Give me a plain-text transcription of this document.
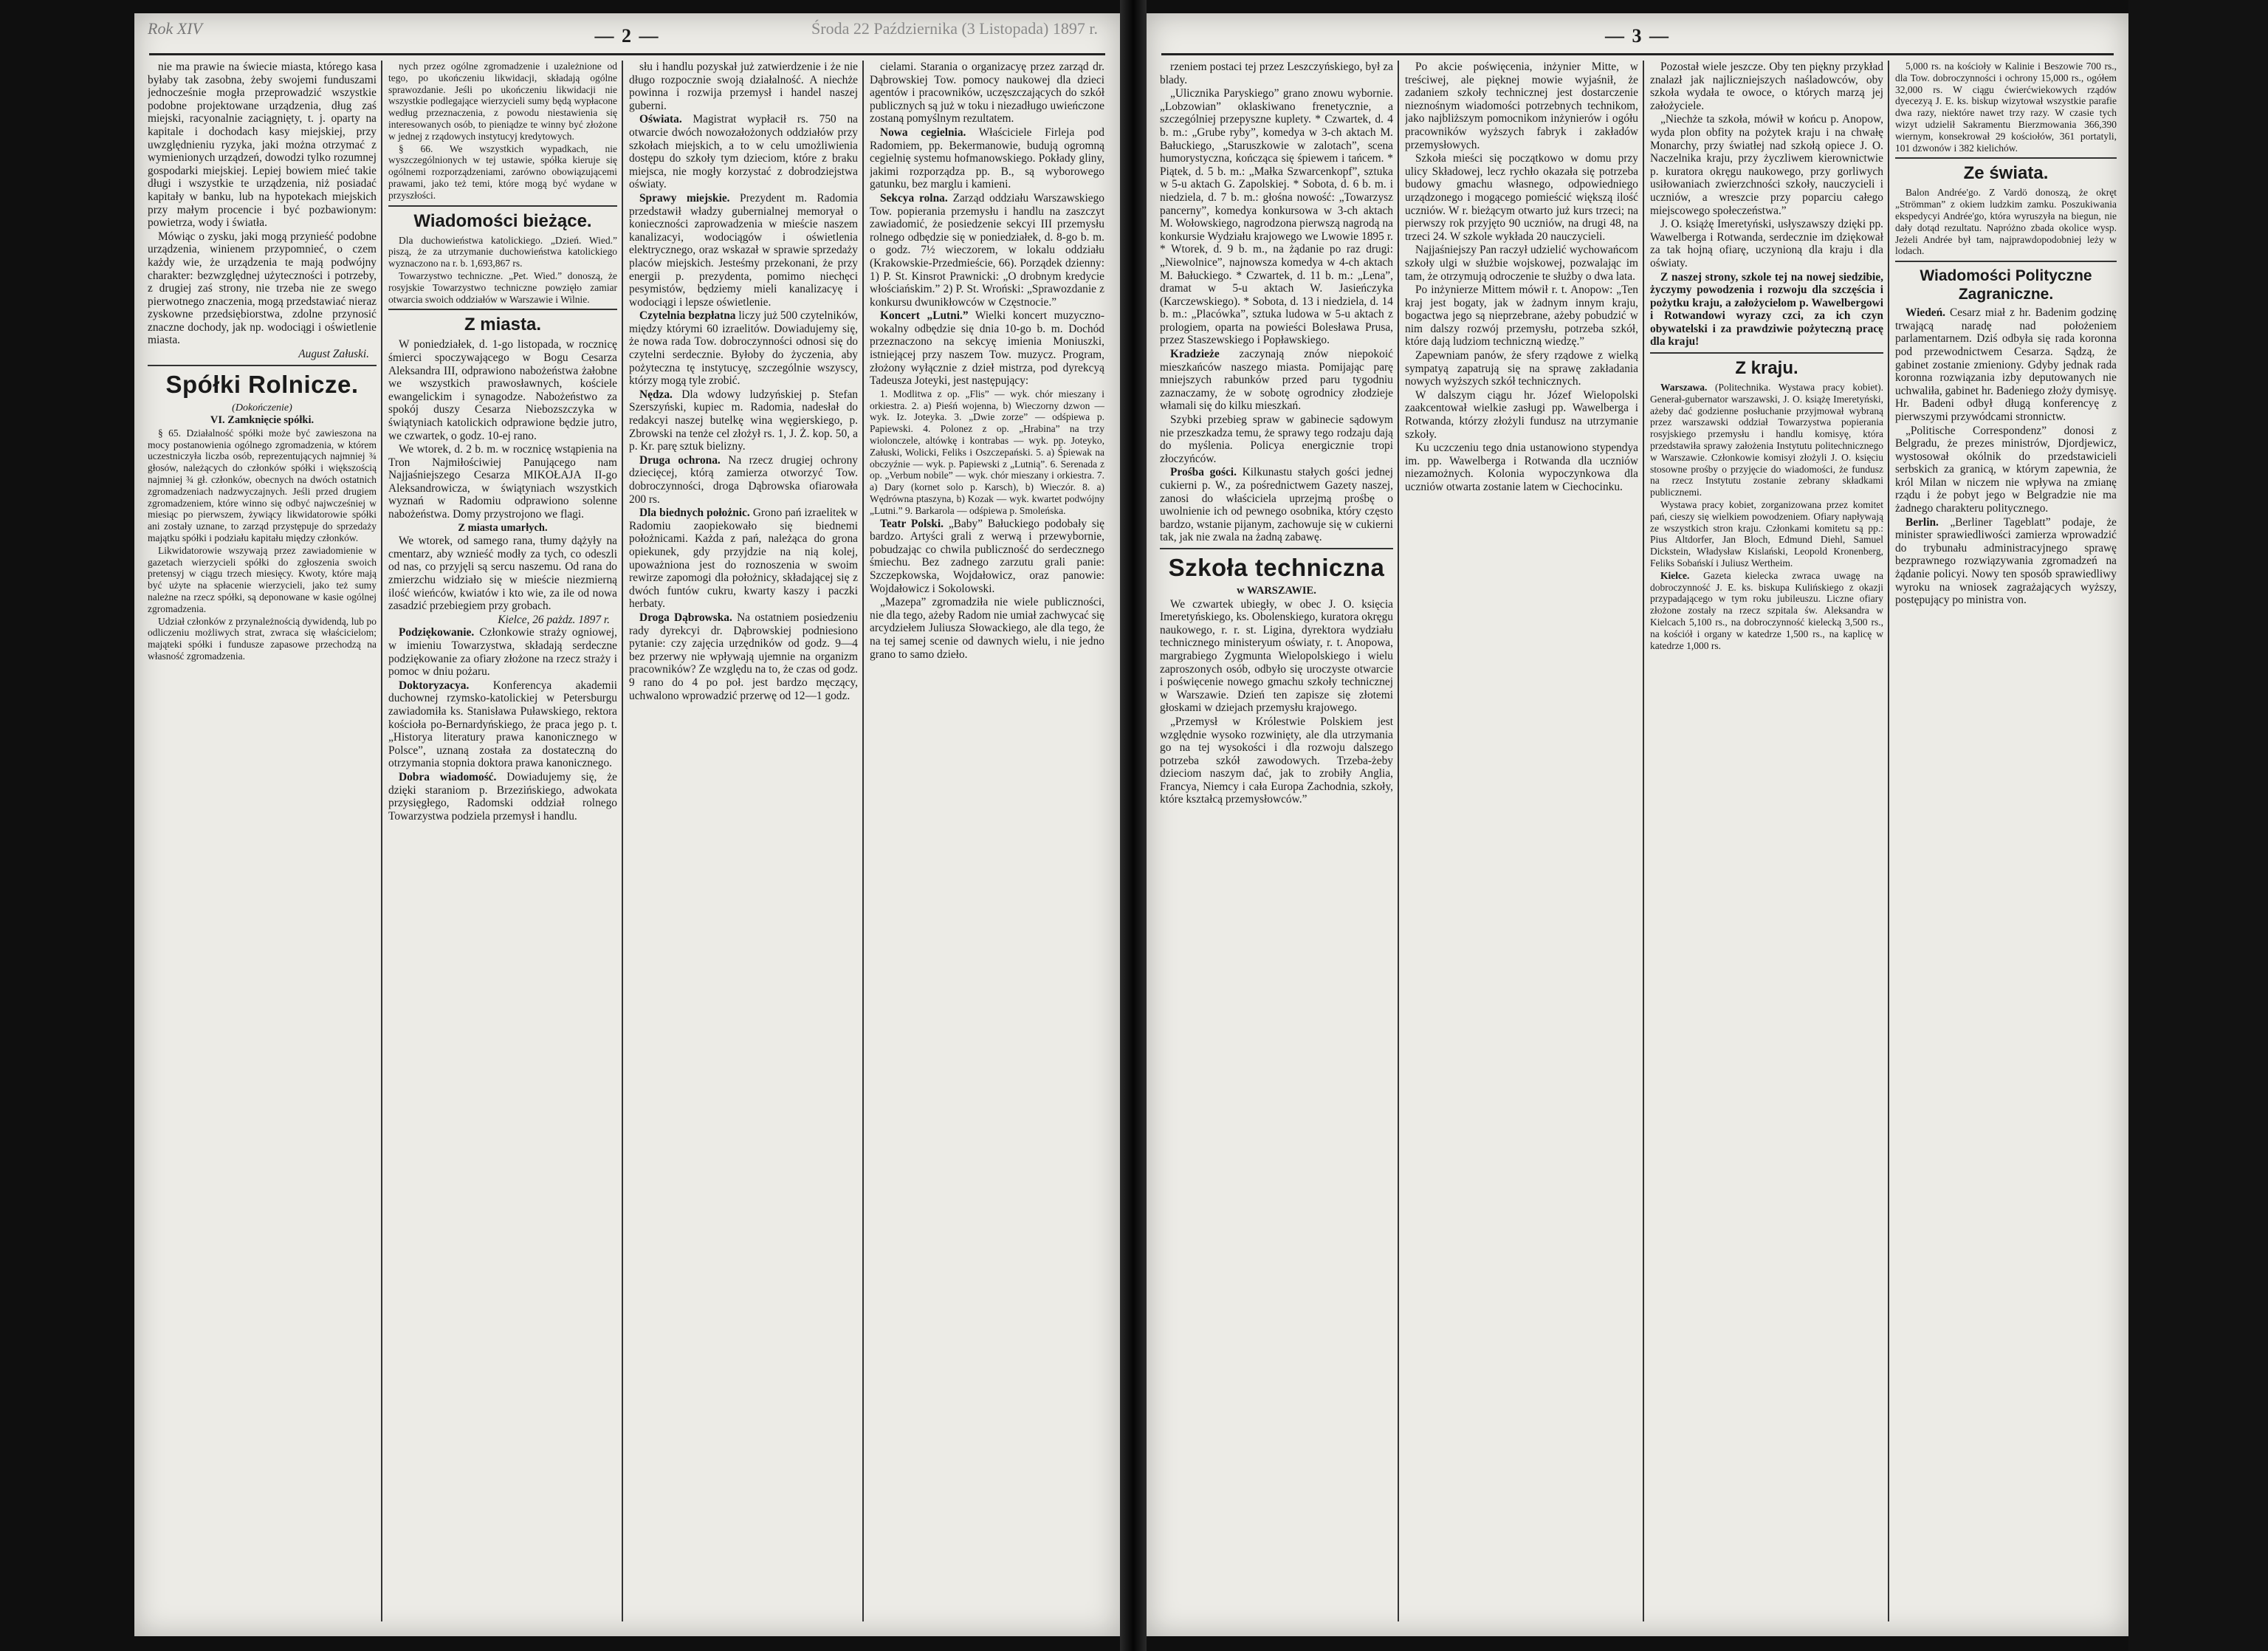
Rok XIV	— 2 —	Środa 22 Października (3 Listopada) 1897 r.

nie ma prawie na świecie miasta, którego kasa byłaby tak zasobna, żeby swojemi funduszami jednocześnie mogła przeprowadzić wszystkie podobne projektowane urządzenia, dług zaś miejski, racyonalnie zaciągnięty, t. j. oparty na kapitale i dochodach kasy miejskiej, przy uwzględnieniu ryzyka, jaki można otrzymać z wymienionych urządzeń, dowodzi tylko rozumnej gospodarki miejskiej. Lepiej bowiem mieć takie długi i wszystkie te urządzenia, niż posiadać kapitały w banku, lub na hypotekach miejskich przy małym procencie i być pozbawionym: powietrza, wody i światła.

Mówiąc o zysku, jaki mogą przynieść podobne urządzenia, winienem przypomnieć, o czem każdy wie, że urządzenia te mają podwójny charakter: bezwzględnej użyteczności i potrzeby, z drugiej zaś strony, nie trzeba nie ze swego pierwotnego znaczenia, mogą przedstawiać nieraz zyskowne przedsiębiorstwa, zdolne przynosić znaczne dochody, jak np. wodociągi i oświetlenie miasta.

August Załuski.
Spółki Rolnicze.
(Dokończenie)
VI. Zamknięcie spółki.

§ 65. Działalność spółki może być zawieszona na mocy postanowienia ogólnego zgromadzenia, w którem uczestniczyła liczba osób, reprezentujących najmniej ¾ głosów, należących do członków spółki i większością najmniej ¾ gł. członków, obecnych na dwóch ostatnich zgromadzeniach nadzwyczajnych. Jeśli przed drugiem zgromadzeniem, które winno się odbyć najwcześniej w miesiąc po pierwszem, żywiący likwidatorowie spółki ani zostały uznane, to zarząd przystępuje do sprzedaży majątku spółki i podziału kapitału między członków.

Likwidatorowie wszywają przez zawiadomienie w gazetach wierzycieli spółki do zgłoszenia swoich pretensyj w ciągu trzech miesięcy. Kwoty, które mają być użyte na spłacenie wierzycieli, jako też sumy należne na rzecz spółki, są deponowane w kasie ogólnej zgromadzenia.

Udział członków z przynależnością dywidendą, lub po odliczeniu możliwych strat, zwraca się właścicielom; mająteki spółki i fundusze zapasowe przechodzą na własność zgromadzenia.

nych przez ogólne zgromadzenie i uzależnione od tego, po ukończeniu likwidacji, składają ogólne sprawozdanie. Jeśli po ukończeniu likwidacji nie wszystkie podlegające wierzycieli sumy będą wypłacone według przeznaczenia, z powodu niestawienia się interesowanych osób, to pieniądze te winny być złożone w jednej z rządowych instytucyj kredytowych.

§ 66. We wszystkich wypadkach, nie wyszczególnionych w tej ustawie, spółka kieruje się ogólnemi rozporządzeniami, zarówno obowiązującemi prawami, jako też temi, które mogą być wydane w przyszłości.

Wiadomości bieżące.

Dla duchowieństwa katolickiego. „Dzień. Wied.” piszą, że za utrzymanie duchowieństwa katolickiego wyznaczono na r. b. 1,693,867 rs.

Towarzystwo techniczne. „Pet. Wied.” donoszą, że rosyjskie Towarzystwo techniczne powzięło zamiar otwarcia swoich oddziałów w Warszawie i Wilnie.

Z miasta.

W poniedziałek, d. 1-go listopada, w rocznicę śmierci spoczywającego w Bogu Cesarza Aleksandra III, odprawiono nabożeństwa żałobne we wszystkich prawosławnych, kościele ewangelickim i synagodze. Nabożeństwo za spokój duszy Cesarza Niebozszczyka w świątyniach katolickich odprawione będzie jutro, we czwartek, o godz. 10-ej rano.

We wtorek, d. 2 b. m. w rocznicę wstąpienia na Tron Najmiłościwiej Panującego nam Najjaśniejszego Cesarza MIKOŁAJA II-go Aleksandrowicza, w świątyniach wszystkich wyznań w Radomiu odprawiono solenne nabożeństwa. Domy przystrojono we flagi.

Z miasta umarłych.

We wtorek, od samego rana, tłumy dążyły na cmentarz, aby wznieść modły za tych, co odeszli od nas, co przyjęli są sercu naszemu. Od rana do zmierzchu widziało się w mieście niezmierną ilość wieńców, kwiatów i kto wie, za ile od nowa zasadzić przebiegiem przy grobach.

Kielce, 26 pażdz. 1897 r.

Podziękowanie. Członkowie straży ogniowej, w imieniu Towarzystwa, składają serdeczne podziękowanie za ofiary złożone na rzecz straży i pomoc w dniu pożaru.

Doktoryzacya. Konferencya akademii duchownej rzymsko-katolickiej w Petersburgu zawiadomiła ks. Stanisława Puławskiego, rektora kościoła po-Bernardyńskiego, że praca jego p. t. „Historya literatury prawa kanonicznego w Polsce”, uznaną została za dostateczną do otrzymania stopnia doktora prawa kanonicznego.

Dobra wiadomość. Dowiadujemy się, że dzięki staraniom p. Brzezińskiego, adwokata przysięgłego, Radomski oddział rolnego Towarzystwa podziela przemysł i handlu.

słu i handlu pozyskał już zatwierdzenie i że nie długo rozpocznie swoją działalność. A niechże powinna i rozwija przemysł i handel naszej guberni.

Oświata. Magistrat wypłacił rs. 750 na otwarcie dwóch nowozałożonych oddziałów przy szkołach miejskich, a to w celu umożliwienia dostępu do szkoły tym dzieciom, które z braku miejsca, nie mogły korzystać z dobrodziejstwa oświaty.

Sprawy miejskie. Prezydent m. Radomia przedstawił władzy gubernialnej memoryał o konieczności zaprowadzenia w mieście naszem kanalizacyi, wodociągów i oświetlenia elektrycznego, oraz wskazał w sprawie sprzedaży placów miejskich. Jesteśmy przekonani, że przy energii p. prezydenta, pomimo niechęci pesymistów, będziemy mieli kanalizacyę i wodociągi i lepsze oświetlenie.

Czytelnia bezpłatna liczy już 500 czytelników, między którymi 60 izraelitów. Dowiadujemy się, że nowa rada Tow. dobroczynności odnosi się do czytelni serdecznie. Byłoby do życzenia, aby pożyteczna tę instytucyę, szczególnie wszyscy, którzy mogą tyle zrobić.

Nędza. Dla wdowy ludzyńskiej p. Stefan Szerszyński, kupiec m. Radomia, nadesłał do redakcyi naszej butelkę wina węgierskiego, p. Zbrowski na tenże cel złożył rs. 1, J. Ż. kop. 50, a p. Kr. parę sztuk bielizny.

Druga ochrona. Na rzecz drugiej ochrony dziecięcej, którą zamierza otworzyć Tow. dobroczynności, droga Dąbrowska ofiarowała 200 rs.

Dla biednych położnic. Grono pań izraelitek w Radomiu zaopiekowało się biednemi położnicami. Każda z pań, należąca do grona opiekunek, gdy przyjdzie na nią kolej, upoważniona jest do roznoszenia w swoim rewirze zapomogi dla położnicy, składającej się z dwóch funtów cukru, kwarty kaszy i paczki herbaty.

Droga Dąbrowska. Na ostatniem posiedzeniu rady dyrekcyi dr. Dąbrowskiej podniesiono pytanie: czy zajęcia urzędników od godz. 9—4 bez przerwy nie wpływają ujemnie na organizm pracowników? Ze względu na to, że czas od godz. 9 rano do 4 po poł. jest bardzo męczący, uchwalono wprowadzić przerwę od 12—1 godz.

cielami. Starania o organizacyę przez zarząd dr. Dąbrowskiej Tow. pomocy naukowej dla dzieci agentów i pracowników, uczęszczających do szkół publicznych są już w toku i niezadługo uwieńczone zostaną pomyślnym rezultatem.

Nowa cegielnia. Właściciele Firleja pod Radomiem, pp. Bekermanowie, budują ogromną cegielnię systemu hofmanowskiego. Pokłady gliny, jakimi rozporządza pp. B., są wyborowego gatunku, bez marglu i kamieni.

Sekcya rolna. Zarząd oddziału Warszawskiego Tow. popierania przemysłu i handlu na zaszczyt zawiadomić, że posiedzenie sekcyi III przemysłu rolnego odbędzie się w poniedziałek, d. 8-go b. m. o godz. 7½ wieczorem, w lokalu oddziału (Krakowskie-Przedmieście, 66). Porządek dzienny: 1) P. St. Kinsrot Prawnicki: „O drobnym kredycie włościańskim.” 2) P. St. Wroński: „Sprawozdanie z konkursu dwunikłowców w Częstnocie.”

Koncert „Lutni.” Wielki koncert muzyczno-wokalny odbędzie się dnia 10-go b. m. Dochód przeznaczono na sekcyę imienia Moniuszki, istniejącej przy naszem Tow. muzycz. Program, złożony wyłącznie z dzieł mistrza, pod dyrekcyą Tadeusza Joteyki, jest następujący:

1. Modlitwa z op. „Flis” — wyk. chór mieszany i orkiestra. 2. a) Pieśń wojenna, b) Wieczorny dzwon — wyk. Iz. Joteyka. 3. „Dwie zorze” — odśpiewa p. Papiewski. 4. Polonez z op. „Hrabina” na trzy wiolonczele, altówkę i kontrabas — wyk. pp. Joteyko, Załuski, Wolicki, Feliks i Oszczepański. 5. a) Śpiewak na obczyźnie — wyk. p. Papiewski z „Lutnią”. 6. Serenada z op. „Verbum nobile” — wyk. chór mieszany i orkiestra. 7. a) Dary (kornet solo p. Karsch), b) Wieczór. 8. a) Wędrówna ptaszyna, b) Kozak — wyk. kwartet podwójny „Lutni.” 9. Barkarola — odśpiewa p. Smoleńska.

Teatr Polski. „Baby” Bałuckiego podobały się bardzo. Artyści grali z werwą i przewybornie, pobudzając co chwila publiczność do serdecznego śmiechu. Bez zadnego zarzutu grali panie: Szczepkowska, Wojdałowicz, oraz panowie: Wojdałowicz i Sokolowski.

„Mazepa” zgromadziła nie wiele publiczności, nie dla tego, ażeby Radom nie umiał zachwycać się arcydziełem Juliusza Słowackiego, ale dla tego, że na tej samej scenie od dawnych wielu, i nie jedno grano to samo dzieło.

— 3 —

rzeniem postaci tej przez Leszczyńskiego, był za blady.

„Ulicznika Paryskiego” grano znowu wybornie. „Lobzowian” oklaskiwano frenetycznie, a szczególniej przepyszne kuplety. * Czwartek, d. 4 b. m.: „Grube ryby”, komedya w 3-ch aktach M. Bałuckiego, „Staruszkowie w zalotach”, scena humorystyczna, kończąca się śpiewem i tańcem. * Piątek, d. 5 b. m.: „Małka Szwarcenkopf”, sztuka w 5-u aktach G. Zapolskiej. * Sobota, d. 6 b. m. i niedziela, d. 7 b. m.: głośna nowość: „Towarzysz pancerny”, komedya konkursowa w 3-ch aktach M. Wołowskiego, nagrodzona pierwszą nagrodą na konkursie Wydziału krajowego we Lwowie 1895 r. * Wtorek, d. 9 b. m., na żądanie po raz drugi: „Niewolnice”, najnowsza komedya w 4-ch aktach M. Bałuckiego. * Czwartek, d. 11 b. m.: „Lena”, dramat w 5-u aktach W. Jasieńczyka (Karczewskiego). * Sobota, d. 13 i niedziela, d. 14 b. m.: „Placówka”, sztuka ludowa w 5-u aktach z prologiem, oparta na powieści Bolesława Prusa, przez Staszewskiego i Popławskiego.

Kradzieże zaczynają znów niepokoić mieszkańców naszego miasta. Pomijając parę mniejszych rabunków przed paru tygodniu zaznaczamy, że w sobotę ogrodnicy złodzieje włamali się do kilku mieszkań.

Szybki przebieg spraw w gabinecie sądowym nie przeszkadza temu, że sprawy tego rodzaju dają do myślenia. Policya energicznie tropi złoczyńców.

Prośba gości. Kilkunastu stałych gości jednej cukierni p. W., za pośrednictwem Gazety naszej, zanosi do właściciela uprzejmą prośbę o uwolnienie ich od pewnego osobnika, który często bardzo, wstanie pijanym, zachowuje się w cukierni tak, jak nie zwala na żadną zabawę.

Szkoła techniczna
w WARSZAWIE.

We czwartek ubiegły, w obec J. O. księcia Imeretyńskiego, ks. Obolenskiego, kuratora okręgu naukowego, r. r. st. Ligina, dyrektora wydziału technicznego ministeryum oświaty, r. t. Anopowa, margrabiego Zygmunta Wielopolskiego i wielu zaproszonych osób, odbyło się uroczyste otwarcie i poświęcenie nowego gmachu szkoły technicznej w Warszawie. Dzień ten zapisze się złotemi głoskami w dziejach przemysłu krajowego.

„Przemysł w Królestwie Polskiem jest względnie wysoko rozwinięty, ale dla utrzymania go na tej wysokości i dla rozwoju dalszego potrzeba szkół zawodowych. Trzeba-żeby dzieciom naszym dać, jak to zrobiły Anglia, Francya, Niemcy i cała Europa Zachodnia, szkoły, które kształcą przemysłowców.”

Po akcie poświęcenia, inżynier Mitte, w treściwej, ale pięknej mowie wyjaśnił, że zadaniem szkoły technicznej jest dostarczenie nieznośnym wiadomości potrzebnych technikom, jako najbliższym pomocnikom inżynierów i ogółu pracowników wyższych fabryk i zakładów przemysłowych.

Szkoła mieści się początkowo w domu przy ulicy Składowej, lecz rychło okazała się potrzeba budowy gmachu własnego, odpowiedniego urządzonego i mogącego pomieścić większą ilość uczniów. W r. bieżącym otwarto już kurs trzeci; na pierwszy rok przyjęto 90 uczniów, na drugi 48, na trzeci 24. W szkole wykłada 20 nauczycieli.

Najjaśniejszy Pan raczył udzielić wychowańcom szkoły ulgi w służbie wojskowej, pozwalając im tam, że otrzymują odroczenie te służby o dwa lata.

Po inżynierze Mittem mówił r. t. Anopow: „Ten kraj jest bogaty, jak w żadnym innym kraju, bogactwa jego są nieprzebrane, ażeby pobudzić w nim dalszy rozwój przemysłu, potrzeba szkół, które dają ludziom techniczną wiedzę.”

Zapewniam panów, że sfery rządowe z wielką sympatyą zapatrują się na sprawę zakładania nowych wyższych szkół technicznych.

W dalszym ciągu hr. Józef Wielopolski zaakcentował wielkie zasługi pp. Wawelberga i Rotwanda, którzy złożyli fundusz na utrzymanie szkoły.

Ku uczczeniu tego dnia ustanowiono stypendya im. pp. Wawelberga i Rotwanda dla uczniów niezamożnych. Kolonia wypoczynkowa dla uczniów otwarta zostanie latem w Ciechocinku.

Pozostał wiele jeszcze. Oby ten piękny przykład znalazł jak najliczniejszych naśladowców, oby szkoła wydała te owoce, o których marzą jej założyciele.

„Niechże ta szkoła, mówił w końcu p. Anopow, wyda plon obfity na pożytek kraju i na chwałę Monarchy, przy światłej nad szkołą opiece J. O. Naczelnika kraju, przy życzliwem kierownictwie p. kuratora okręgu naukowego, przy gorliwych usiłowaniach zwierzchności szkoły, nauczycieli i uczniów, a wreszcie przy poparciu całego miejscowego społeczeństwa.”

J. O. książę Imeretyński, usłyszawszy dzięki pp. Wawelberga i Rotwanda, serdecznie im dziękował za tak hojną ofiarę, uczynioną dla kraju i dla oświaty.

Z naszej strony, szkole tej na nowej siedzibie, życzymy powodzenia i rozwoju dla szczęścia i pożytku kraju, a założycielom p. Wawelbergowi i Rotwandowi wyrazy czci, za ich czyn obywatelski i za prawdziwie pożyteczną pracę dla kraju!

Z kraju.

Warszawa. (Politechnika. Wystawa pracy kobiet). Generał-gubernator warszawski, J. O. książę Imeretyński, ażeby dać godzienne posłuchanie przyjmował wybraną przez warszawski oddział Towarzystwa popierania rosyjskiego przemysłu i handlu komisyę, która przedstawiła sprawy założenia Instytutu politechnicznego w Warszawie. Członkowie komisyi złożyli J. O. księciu stosowne prośby o przyjęcie do wiadomości, że fundusz na rzecz Instytutu zostanie zebrany składkami publicznemi.

Wystawa pracy kobiet, zorganizowana przez komitet pań, cieszy się wielkiem powodzeniem. Ofiary napływają ze wszystkich stron kraju. Członkami komitetu są pp.: Pius Altdorfer, Jan Bloch, Edmund Diehl, Samuel Dickstein, Władysław Kislański, Leopold Kronenberg, Feliks Sobańskí i Juliusz Wertheim.

Kielce. Gazeta kielecka zwraca uwagę na dobroczynność J. E. ks. biskupa Kulińskiego z okazji przypadającego w tym roku jubileuszu. Liczne ofiary złożone zostały na rzecz szpitala św. Aleksandra w Kielcach 5,100 rs., na dobroczynność kielecką 3,500 rs., na kościół i organy w katedrze 1,500 rs., na kaplicę w katedrze 1,000 rs.

5,000 rs. na kościoły w Kalinie i Beszowie 700 rs., dla Tow. dobroczynności i ochrony 15,000 rs., ogółem 32,000 rs. W ciągu ćwierćwiekowych rządów dyecezyą J. E. ks. biskup wizytował wszystkie parafie dwa razy, niektóre nawet trzy razy. W czasie tych wizyt udzielił Sakramentu Bierzmowania 366,390 wiernym, konsekrował 29 kościołów, 361 portatyli, 101 dzwonów i 382 kielichów.

Ze świata.

Balon Andrée'go. Z Vardö donoszą, że okręt „Strömman” z okiem ludzkim zamku. Poszukiwania ekspedycyi Andrée'go, która wyruszyła na biegun, nie dały dotąd rezultatu. Napróżno zbada okolice wysp. Jeżeli Andrée był tam, najprawdopodobniej leży w lodach.

Wiadomości Polityczne Zagraniczne.

Wiedeń. Cesarz miał z hr. Badenim godzinę trwającą naradę nad położeniem parlamentarnem. Dziś odbyła się rada koronna pod przewodnictwem Cesarza. Sądzą, że gabinet zostanie zmieniony. Gdyby jednak rada koronna rozwiązania izby deputowanych nie uchwaliła, gabinet hr. Badeniego złoży dymisyę. Hr. Badeni odbył długą konferencyę z pierwszymi przywódcami stronnictw.

„Politische Correspondenz” donosi z Belgradu, że prezes ministrów, Djordjewicz, wystosował okólnik do przedstawicieli serbskich za granicą, w którym zapewnia, że król Milan w niczem nie wpływa na zmianę rządu i że pobyt jego w Belgradzie nie ma żadnego charakteru politycznego.

Berlin. „Berliner Tageblatt” podaje, że minister sprawiedliwości zamierza wprowadzić do trybunału administracyjnego sprawę bezprawnego rozwiązywania zgromadzeń na żądanie policyi. Nowy ten sposób sprawiedliwy wyroku na wniosek zagrażających wyższy, postępujący po ministra von.
